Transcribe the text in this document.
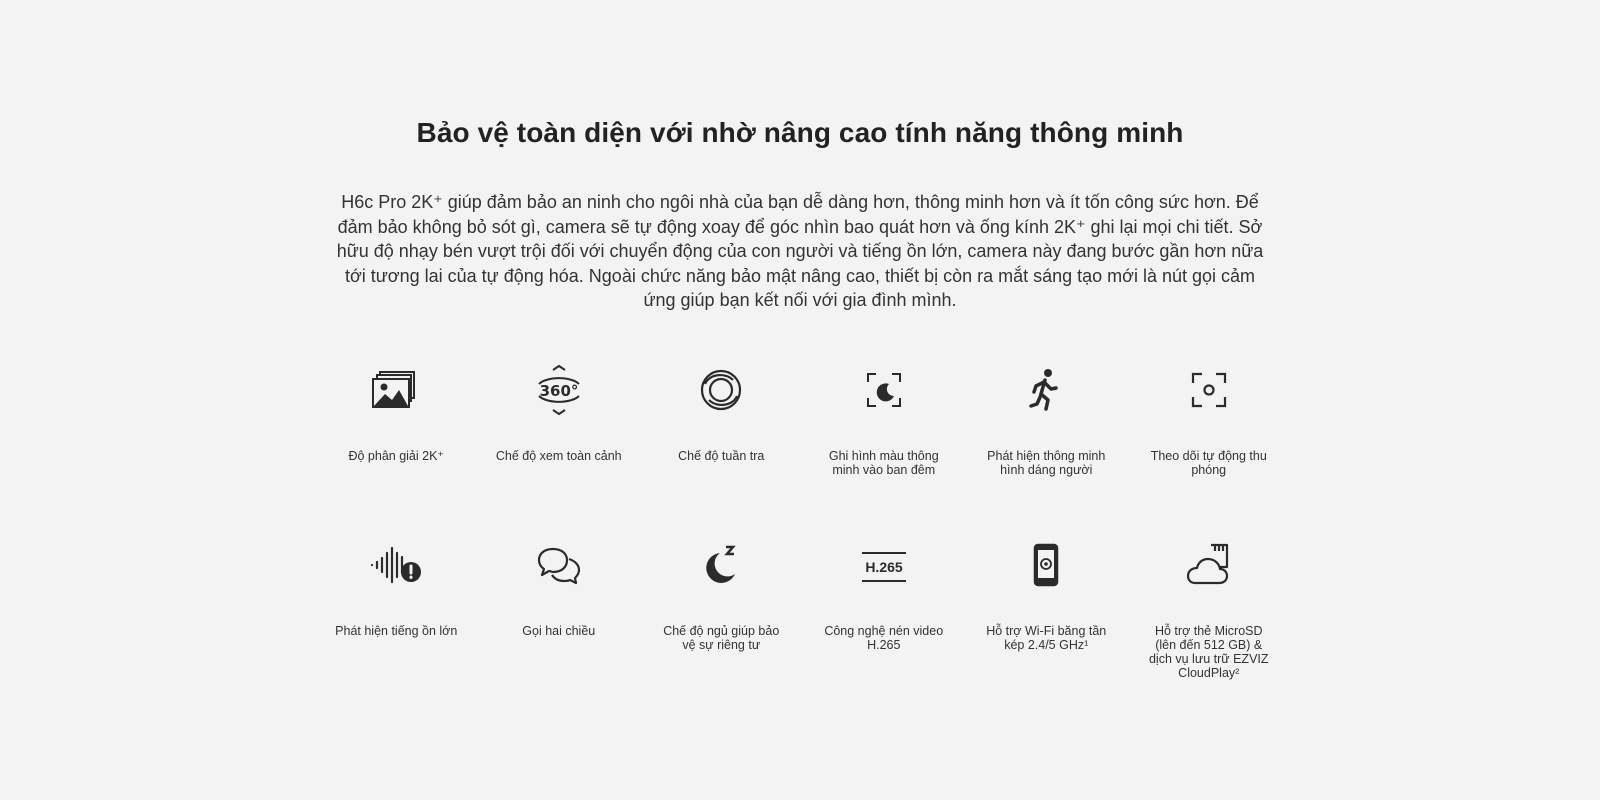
Bảo vệ toàn diện với nhờ nâng cao tính năng thông minh

H6c Pro 2K⁺ giúp đảm bảo an ninh cho ngôi nhà của bạn dễ dàng hơn, thông minh hơn và ít tốn công sức hơn. Để đảm bảo không bỏ sót gì, camera sẽ tự động xoay để góc nhìn bao quát hơn và ống kính 2K⁺ ghi lại mọi chi tiết. Sở hữu độ nhạy bén vượt trội đối với chuyển động của con người và tiếng ồn lớn, camera này đang bước gần hơn nữa tới tương lai của tự động hóa. Ngoài chức năng bảo mật nâng cao, thiết bị còn ra mắt sáng tạo mới là nút gọi cảm ứng giúp bạn kết nối với gia đình mình.

Độ phân giải 2K⁺
360°
Chế độ xem toàn cảnh	Chế độ tuần tra	Ghi hình màu thông minh vào ban đêm
Phát hiện thông minh hình dáng người
Theo dõi tự động thu phóng
Phát hiện tiếng ồn lớn	Gọi hai chiều	Chế độ ngủ giúp bảo vệ sự riêng tư
H.265
Công nghệ nén video H.265
Hỗ trợ Wi-Fi băng tần kép 2.4/5 GHz¹
Hỗ trợ thẻ MicroSD (lên đến 512 GB) & dịch vụ lưu trữ EZVIZ CloudPlay²
